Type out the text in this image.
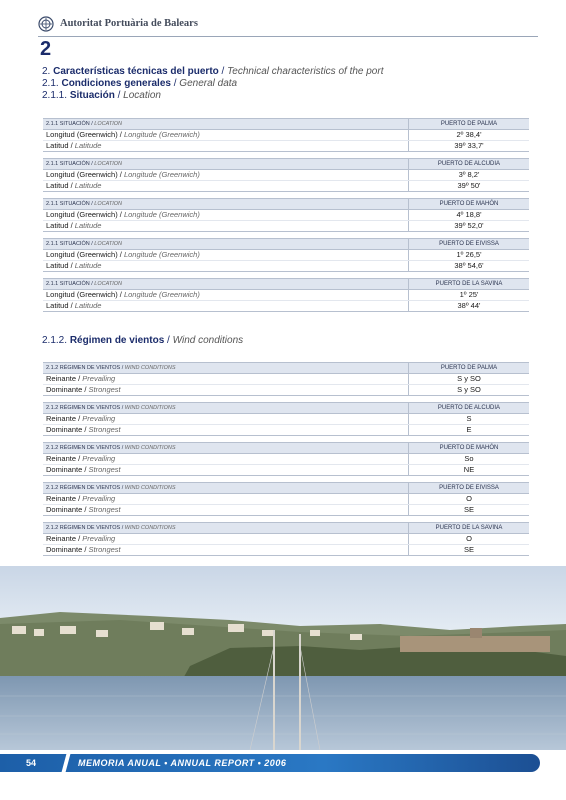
Autoritat Portuària de Balears
2
2. Características técnicas del puerto / Technical characteristics of the port
2.1. Condiciones generales / General data
2.1.1. Situación / Location
2.1.1 SITUACIÓN / LOCATION	PUERTO DE PALMA
Longitud (Greenwich) / Longitude (Greenwich)	2º 38,4'
Latitud / Latitude	39º 33,7'
2.1.1 SITUACIÓN / LOCATION	PUERTO DE ALCUDIA
Longitud (Greenwich) / Longitude (Greenwich)	3º 8,2'
Latitud / Latitude	39º 50'
2.1.1 SITUACIÓN / LOCATION	PUERTO DE MAHÓN
Longitud (Greenwich) / Longitude (Greenwich)	4º 18,8'
Latitud / Latitude	39º 52,0'
2.1.1 SITUACIÓN / LOCATION	PUERTO DE EIVISSA
Longitud (Greenwich) / Longitude (Greenwich)	1º 26,5'
Latitud / Latitude	38º 54,6'
2.1.1 SITUACIÓN / LOCATION	PUERTO DE LA SAVINA
Longitud (Greenwich) / Longitude (Greenwich)	1º 25'
Latitud / Latitude	38º 44'
2.1.2. Régimen de vientos / Wind conditions
2.1.2 RÉGIMEN DE VIENTOS / WIND CONDITIONS	PUERTO DE PALMA
Reinante / Prevailing	S y SO
Dominante / Strongest	S y SO
2.1.2 RÉGIMEN DE VIENTOS / WIND CONDITIONS	PUERTO DE ALCUDIA
Reinante / Prevailing	S
Dominante / Strongest	E
2.1.2 RÉGIMEN DE VIENTOS / WIND CONDITIONS	PUERTO DE MAHÓN
Reinante / Prevailing	So
Dominante / Strongest	NE
2.1.2 RÉGIMEN DE VIENTOS / WIND CONDITIONS	PUERTO DE EIVISSA
Reinante / Prevailing	O
Dominante / Strongest	SE
2.1.2 RÉGIMEN DE VIENTOS / WIND CONDITIONS	PUERTO DE LA SAVINA
Reinante / Prevailing	O
Dominante / Strongest	SE
54	MEMORIA ANUAL • ANNUAL REPORT • 2006
